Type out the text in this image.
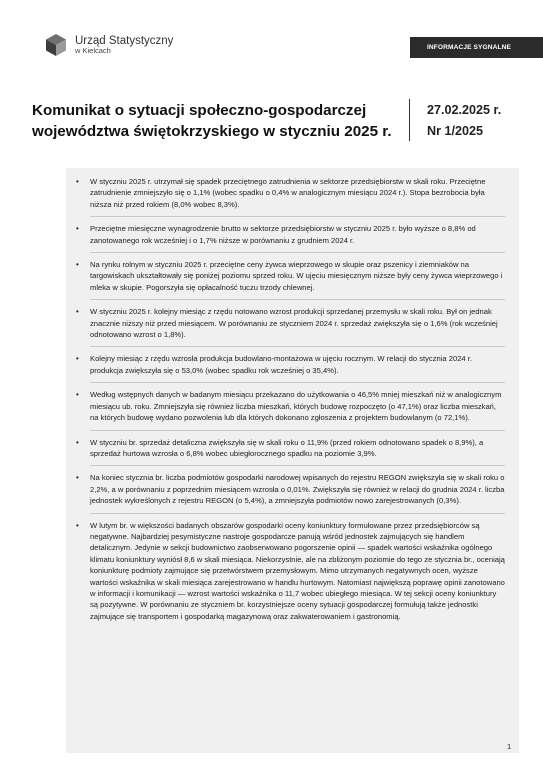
Urząd Statystyczny
w Kielcach	INFORMACJE SYGNALNE
Komunikat o sytuacji społeczno-gospodarczej
województwa świętokrzyskiego w styczniu 2025 r.
27.02.2025 r.
Nr 1/2025
• W styczniu 2025 r. utrzymał się spadek przeciętnego zatrudnienia w sektorze przedsiębiorstw w skali roku. Przeciętne zatrudnienie zmniejszyło się o 1,1% (wobec spadku o 0,4% w analogicznym miesiącu 2024 r.). Stopa bezrobocia była niższa niż przed rokiem (8,0% wobec 8,3%).
• Przeciętne miesięczne wynagrodzenie brutto w sektorze przedsiębiorstw w styczniu 2025 r. było wyższe o 8,8% od zanotowanego rok wcześniej i o 1,7% niższe w porównaniu z grudniem 2024 r.
• Na rynku rolnym w styczniu 2025 r. przeciętne ceny żywca wieprzowego w skupie oraz pszenicy i ziemniaków na targowiskach ukształtowały się poniżej poziomu sprzed roku. W ujęciu miesięcznym niższe były ceny żywca wieprzowego i mleka w skupie. Pogorszyła się opłacalność tuczu trzody chlewnej.
• W styczniu 2025 r. kolejny miesiąc z rzędu notowano wzrost produkcji sprzedanej przemysłu w skali roku. Był on jednak znacznie niższy niż przed miesiącem. W porównaniu ze styczniem 2024 r. sprzedaż zwiększyła się o 1,6% (rok wcześniej odnotowano wzrost o 1,8%).
• Kolejny miesiąc z rzędu wzrosła produkcja budowlano-montażowa w ujęciu rocznym. W relacji do stycznia 2024 r. produkcja zwiększyła się o 53,0% (wobec spadku rok wcześniej o 35,4%).
• Według wstępnych danych w badanym miesiącu przekazano do użytkowania o 46,5% mniej mieszkań niż w analogicznym miesiącu ub. roku. Zmniejszyła się również liczba mieszkań, których budowę rozpoczęto (o 47,1%) oraz liczba mieszkań, na których budowę wydano pozwolenia lub dla których dokonano zgłoszenia z projektem budowlanym (o 72,1%).
• W styczniu br. sprzedaż detaliczna zwiększyła się w skali roku o 11,9% (przed rokiem odnotowano spadek o 8,9%), a sprzedaż hurtowa wzrosła o 6,8% wobec ubiegłorocznego spadku na poziomie 3,9%.
• Na koniec stycznia br. liczba podmiotów gospodarki narodowej wpisanych do rejestru REGON zwiększyła się w skali roku o 2,2%, a w porównaniu z poprzednim miesiącem wzrosła o 0,01%. Zwiększyła się również w relacji do grudnia 2024 r. liczba jednostek wykreślonych z rejestru REGON (o 5,4%), a zmniejszyła podmiotów nowo zarejestrowanych (0,3%).
• W lutym br. w większości badanych obszarów gospodarki oceny koniunktury formułowane przez przedsiębiorców są negatywne. Najbardziej pesymistyczne nastroje gospodarcze panują wśród jednostek zajmujących się handlem detalicznym. Jedynie w sekcji budownictwo zaobserwowano pogorszenie opinii — spadek wartości wskaźnika ogólnego klimatu koniunktury wyniósł 8,6 w skali miesiąca. Niekorzystnie, ale na zbliżonym poziomie do tego ze stycznia br., oceniają koniunkturę podmioty zajmujące się przetwórstwem przemysłowym. Mimo utrzymanych negatywnych ocen, wyższe wartości wskaźnika w skali miesiąca zarejestrowano w handlu hurtowym. Natomiast największą poprawę opinii zanotowano w informacji i komunikacji — wzrost wartości wskaźnika o 11,7 wobec ubiegłego miesiąca. W tej sekcji oceny koniunktury są pozytywne. W porównaniu ze styczniem br. korzystniejsze oceny sytuacji gospodarczej formułują także jednostki zajmujące się transportem i gospodarką magazynową oraz zakwaterowaniem i gastronomią.
1
